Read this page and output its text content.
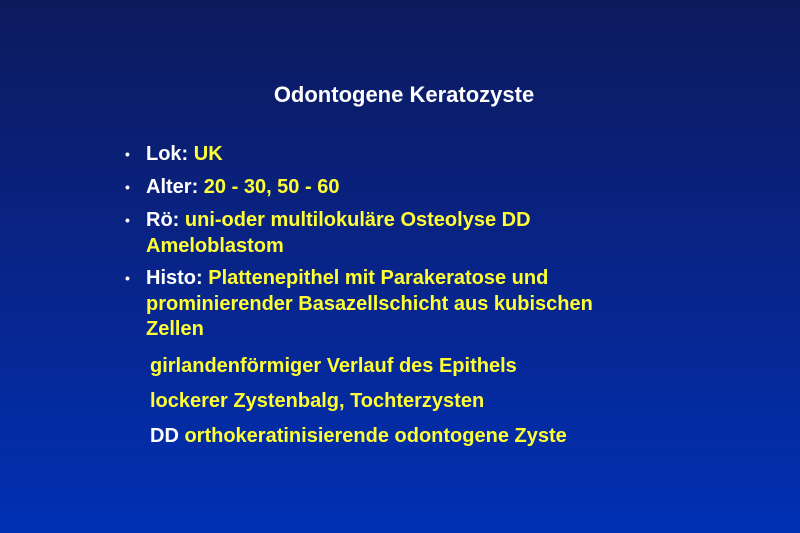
Odontogene Keratozyste
• Lok: UK
• Alter: 20 - 30, 50 - 60
• Rö: uni-oder multilokuläre Osteolyse DD Ameloblastom
• Histo: Plattenepithel mit Parakeratose und prominierender Basazellschicht aus kubischen Zellen
girlandenförmiger Verlauf des Epithels
lockerer Zystenbalg, Tochterzysten
DD orthokeratinisierende odontogene Zyste
